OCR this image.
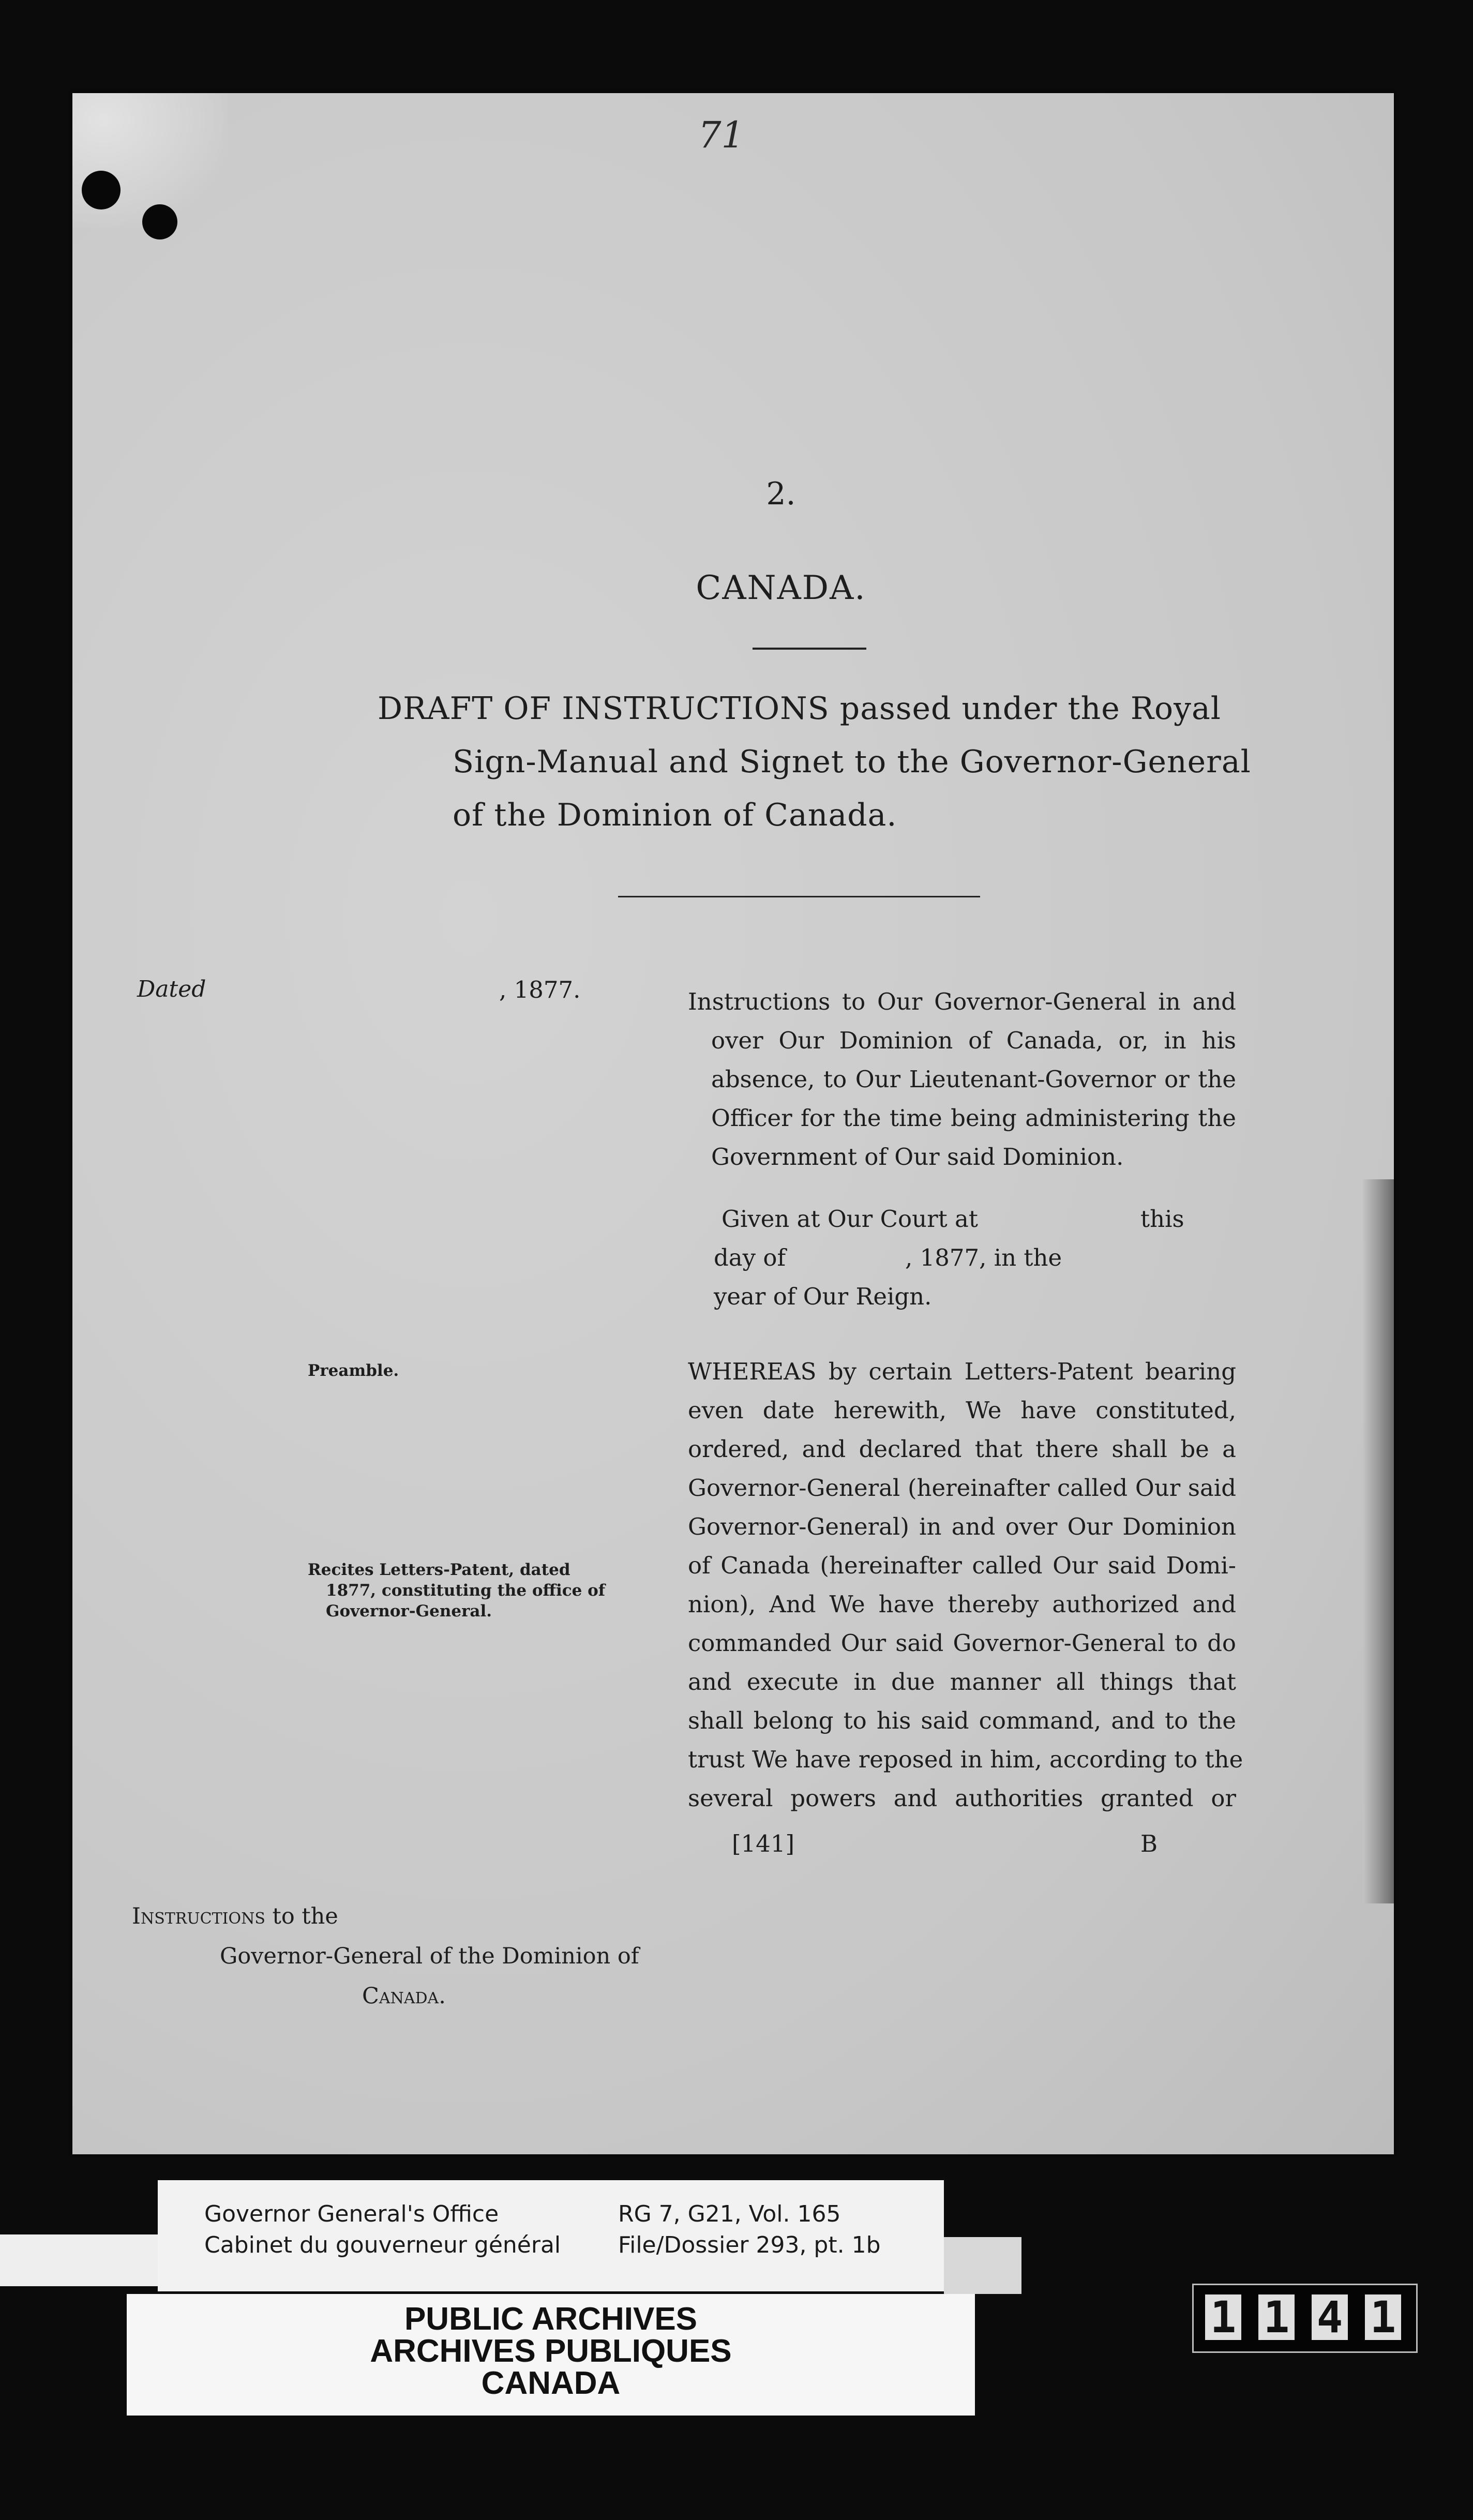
71
2.
CANADA.
DRAFT OF INSTRUCTIONS passed under the Royal
Sign-Manual and Signet to the Governor-General
of the Dominion of Canada.
Dated	, 1877.	Instructions to Our Governor-General in and
over Our Dominion of Canada, or, in his
absence, to Our Lieutenant-Governor or the
Officer for the time being administering the
Government of Our said Dominion.
Given at Our Court at	this
day of	, 1877, in the
year of Our Reign.
Preamble.
Recites Letters-Patent, dated
1877, constituting the office of
Governor-General.
WHEREAS by certain Letters-Patent bearing
even date herewith, We have constituted,
ordered, and declared that there shall be a
Governor-General (hereinafter called Our said
Governor-General) in and over Our Dominion
of Canada (hereinafter called Our said Domi-
nion), And We have thereby authorized and
commanded Our said Governor-General to do
and execute in due manner all things that
shall belong to his said command, and to the
trust We have reposed in him, according to the
several powers and authorities granted or
[141]	B
Instructions to the
Governor-General of the Dominion of
Canada.
Governor General's Office
Cabinet du gouverneur général
RG 7, G21, Vol. 165
File/Dossier 293, pt. 1b
PUBLIC ARCHIVES
ARCHIVES PUBLIQUES
CANADA
1 1 4 1
